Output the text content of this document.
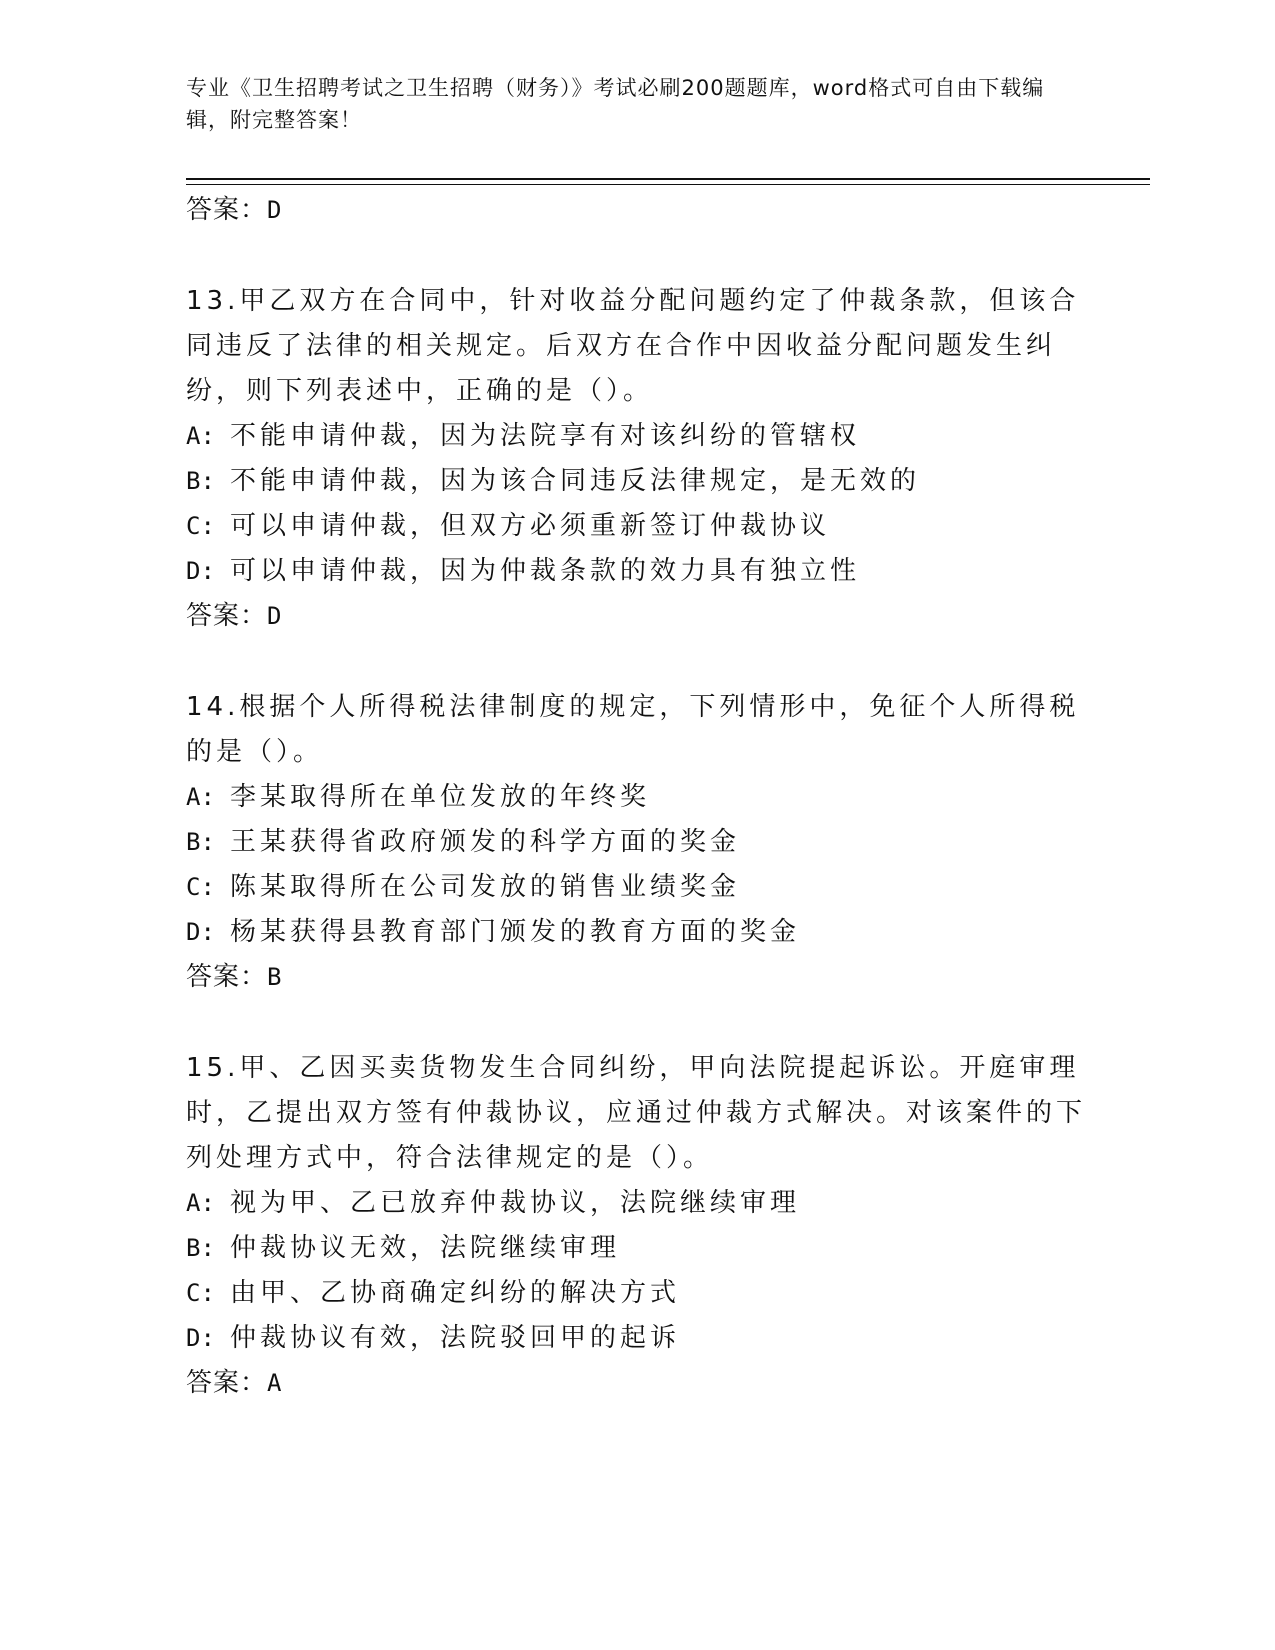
专业《卫生招聘考试之卫生招聘（财务）》考试必刷200题题库，word格式可自由下载编辑，附完整答案！
答案：D
13.甲乙双方在合同中，针对收益分配问题约定了仲裁条款，但该合同违反了法律的相关规定。后双方在合作中因收益分配问题发生纠纷，则下列表述中，正确的是（）。
A: 不能申请仲裁，因为法院享有对该纠纷的管辖权
B: 不能申请仲裁，因为该合同违反法律规定，是无效的
C: 可以申请仲裁，但双方必须重新签订仲裁协议
D: 可以申请仲裁，因为仲裁条款的效力具有独立性
答案：D
14.根据个人所得税法律制度的规定，下列情形中，免征个人所得税的是（）。
A: 李某取得所在单位发放的年终奖
B: 王某获得省政府颁发的科学方面的奖金
C: 陈某取得所在公司发放的销售业绩奖金
D: 杨某获得县教育部门颁发的教育方面的奖金
答案：B
15.甲、乙因买卖货物发生合同纠纷，甲向法院提起诉讼。开庭审理时，乙提出双方签有仲裁协议，应通过仲裁方式解决。对该案件的下列处理方式中，符合法律规定的是（）。
A: 视为甲、乙已放弃仲裁协议，法院继续审理
B: 仲裁协议无效，法院继续审理
C: 由甲、乙协商确定纠纷的解决方式
D: 仲裁协议有效，法院驳回甲的起诉
答案：A
